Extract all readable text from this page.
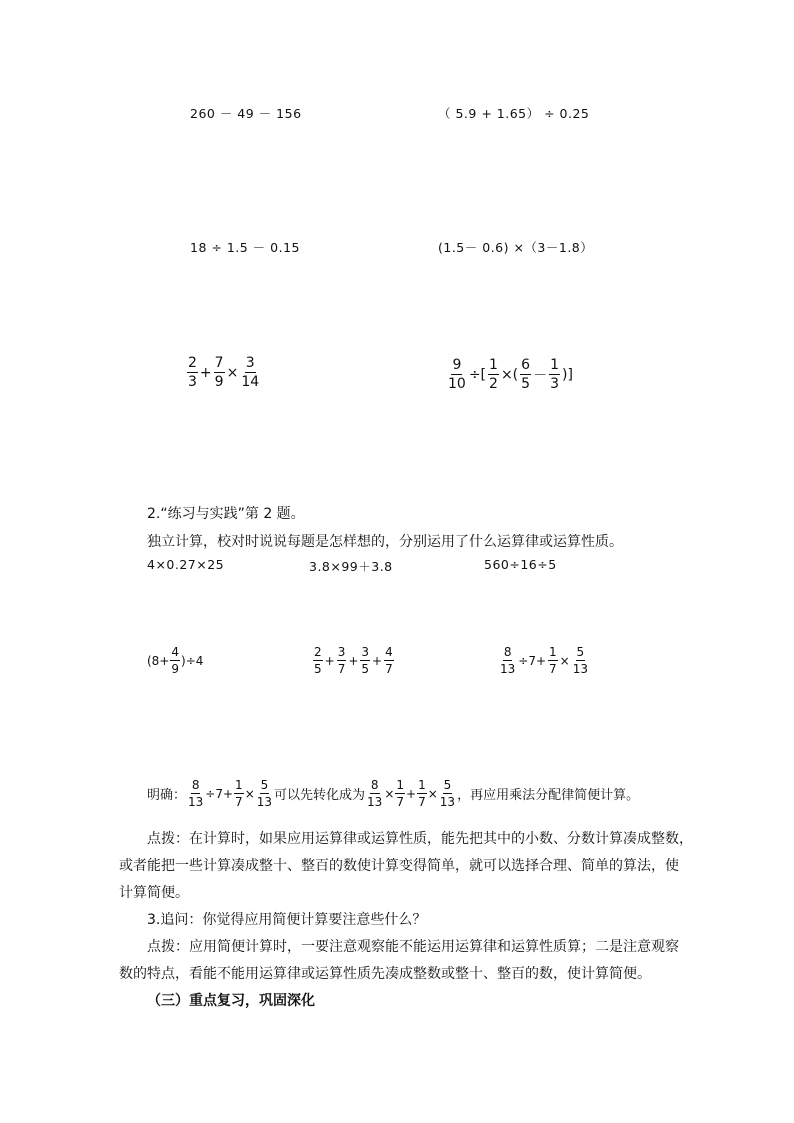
260 － 49 － 156	（ 5.9 + 1.65） ÷ 0.25
18 ÷ 1.5 － 0.15	(1.5－ 0.6) ×（3－1.8）
$\frac{2}{3} + \frac{7}{9} \times \frac{3}{14}$	$\frac{9}{10}$ ÷[ $\frac{1}{2}$ ×( $\frac{6}{5} - \frac{1}{3}$ )]
2.“练习与实践”第 2 题。
独立计算，校对时说说每题是怎样想的，分别运用了什么运算律或运算性质。
4×0.27×25	3.8×99＋3.8	560÷16÷5
$(8+ \frac{4}{9} )\div 4$	$\frac{2}{5} + \frac{3}{7} + \frac{3}{5} + \frac{4}{7}$	$\frac{8}{13} \div 7+ \frac{1}{7} \times \frac{5}{13}$
明确： $\frac{8}{13} \div 7+ \frac{1}{7} \times \frac{5}{13}$ 可以先转化成为 $\frac{8}{13} \times \frac{1}{7} + \frac{1}{7} \times \frac{5}{13}$ ，再应用乘法分配律简便计算。
点拨：在计算时，如果应用运算律或运算性质，能先把其中的小数、分数计算凑成整数，
或者能把一些计算凑成整十、整百的数使计算变得简单，就可以选择合理、简单的算法，使
计算简便。
3.追问：你觉得应用简便计算要注意些什么？
点拨：应用简便计算时，一要注意观察能不能运用运算律和运算性质算；二是注意观察
数的特点，看能不能用运算律或运算性质先凑成整数或整十、整百的数，使计算简便。
（三）重点复习，巩固深化
